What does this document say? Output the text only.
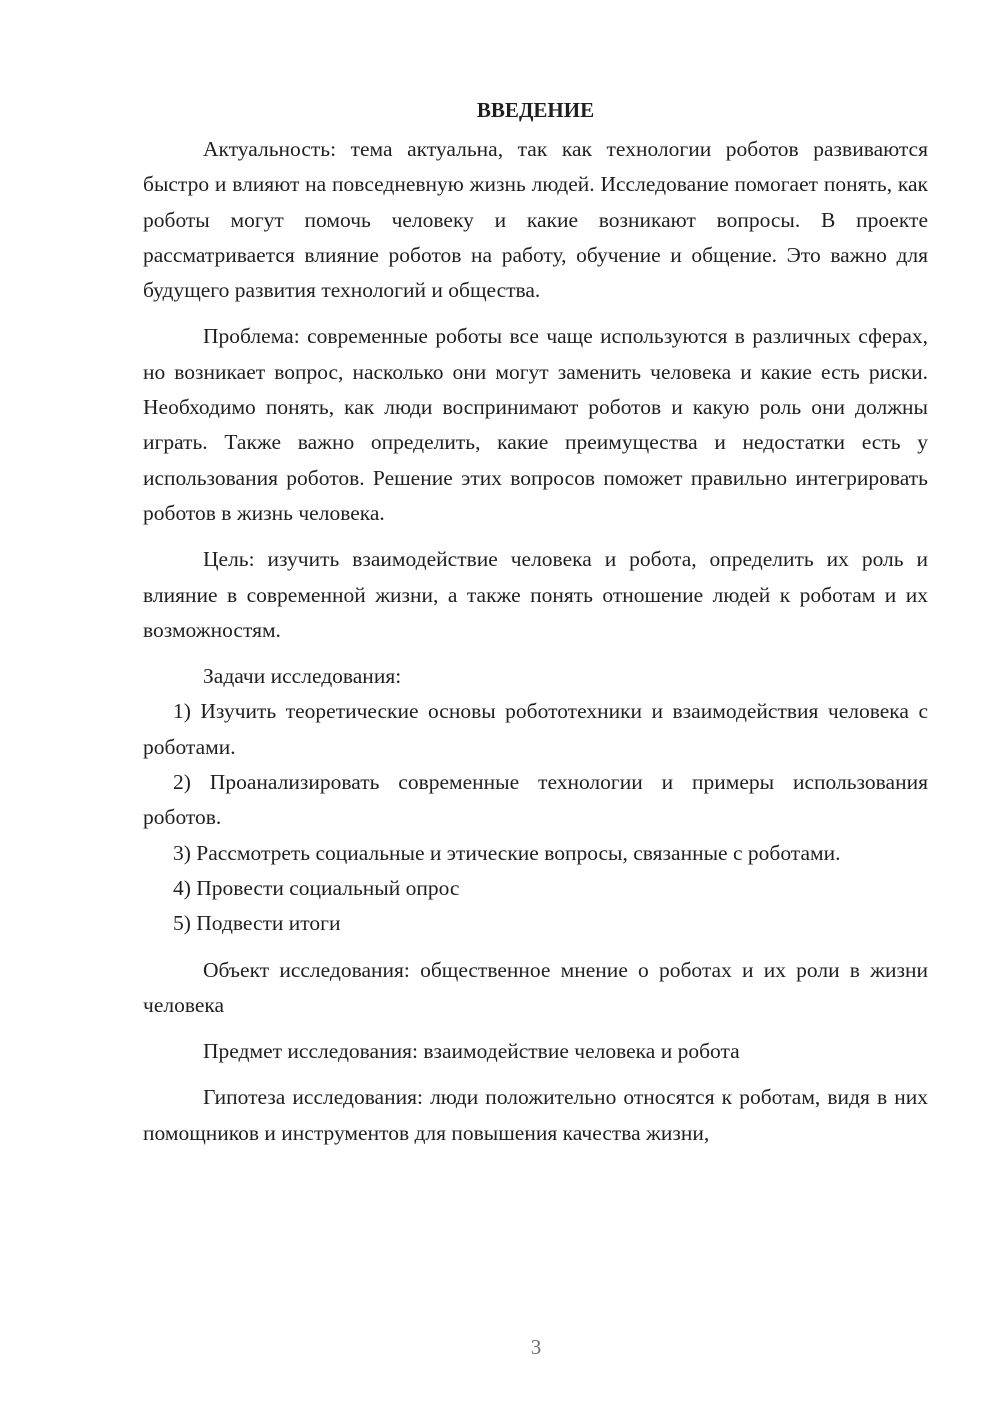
ВВЕДЕНИЕ

Актуальность: тема актуальна, так как технологии роботов развиваются быстро и влияют на повседневную жизнь людей. Исследование помогает понять, как роботы могут помочь человеку и какие возникают вопросы. В проекте рассматривается влияние роботов на работу, обучение и общение. Это важно для будущего развития технологий и общества.

Проблема: современные роботы все чаще используются в различных сферах, но возникает вопрос, насколько они могут заменить человека и какие есть риски. Необходимо понять, как люди воспринимают роботов и какую роль они должны играть. Также важно определить, какие преимущества и недостатки есть у использования роботов. Решение этих вопросов поможет правильно интегрировать роботов в жизнь человека.

Цель: изучить взаимодействие человека и робота, определить их роль и влияние в современной жизни, а также понять отношение людей к роботам и их возможностям.

Задачи исследования:

1) Изучить теоретические основы робототехники и взаимодействия человека с роботами.

2) Проанализировать современные технологии и примеры использования роботов.

3) Рассмотреть социальные и этические вопросы, связанные с роботами.

4) Провести социальный опрос

5) Подвести итоги

Объект исследования: общественное мнение о роботах и их роли в жизни человека

Предмет исследования: взаимодействие человека и робота

Гипотеза исследования: люди положительно относятся к роботам, видя в них помощников и инструментов для повышения качества жизни,

3
